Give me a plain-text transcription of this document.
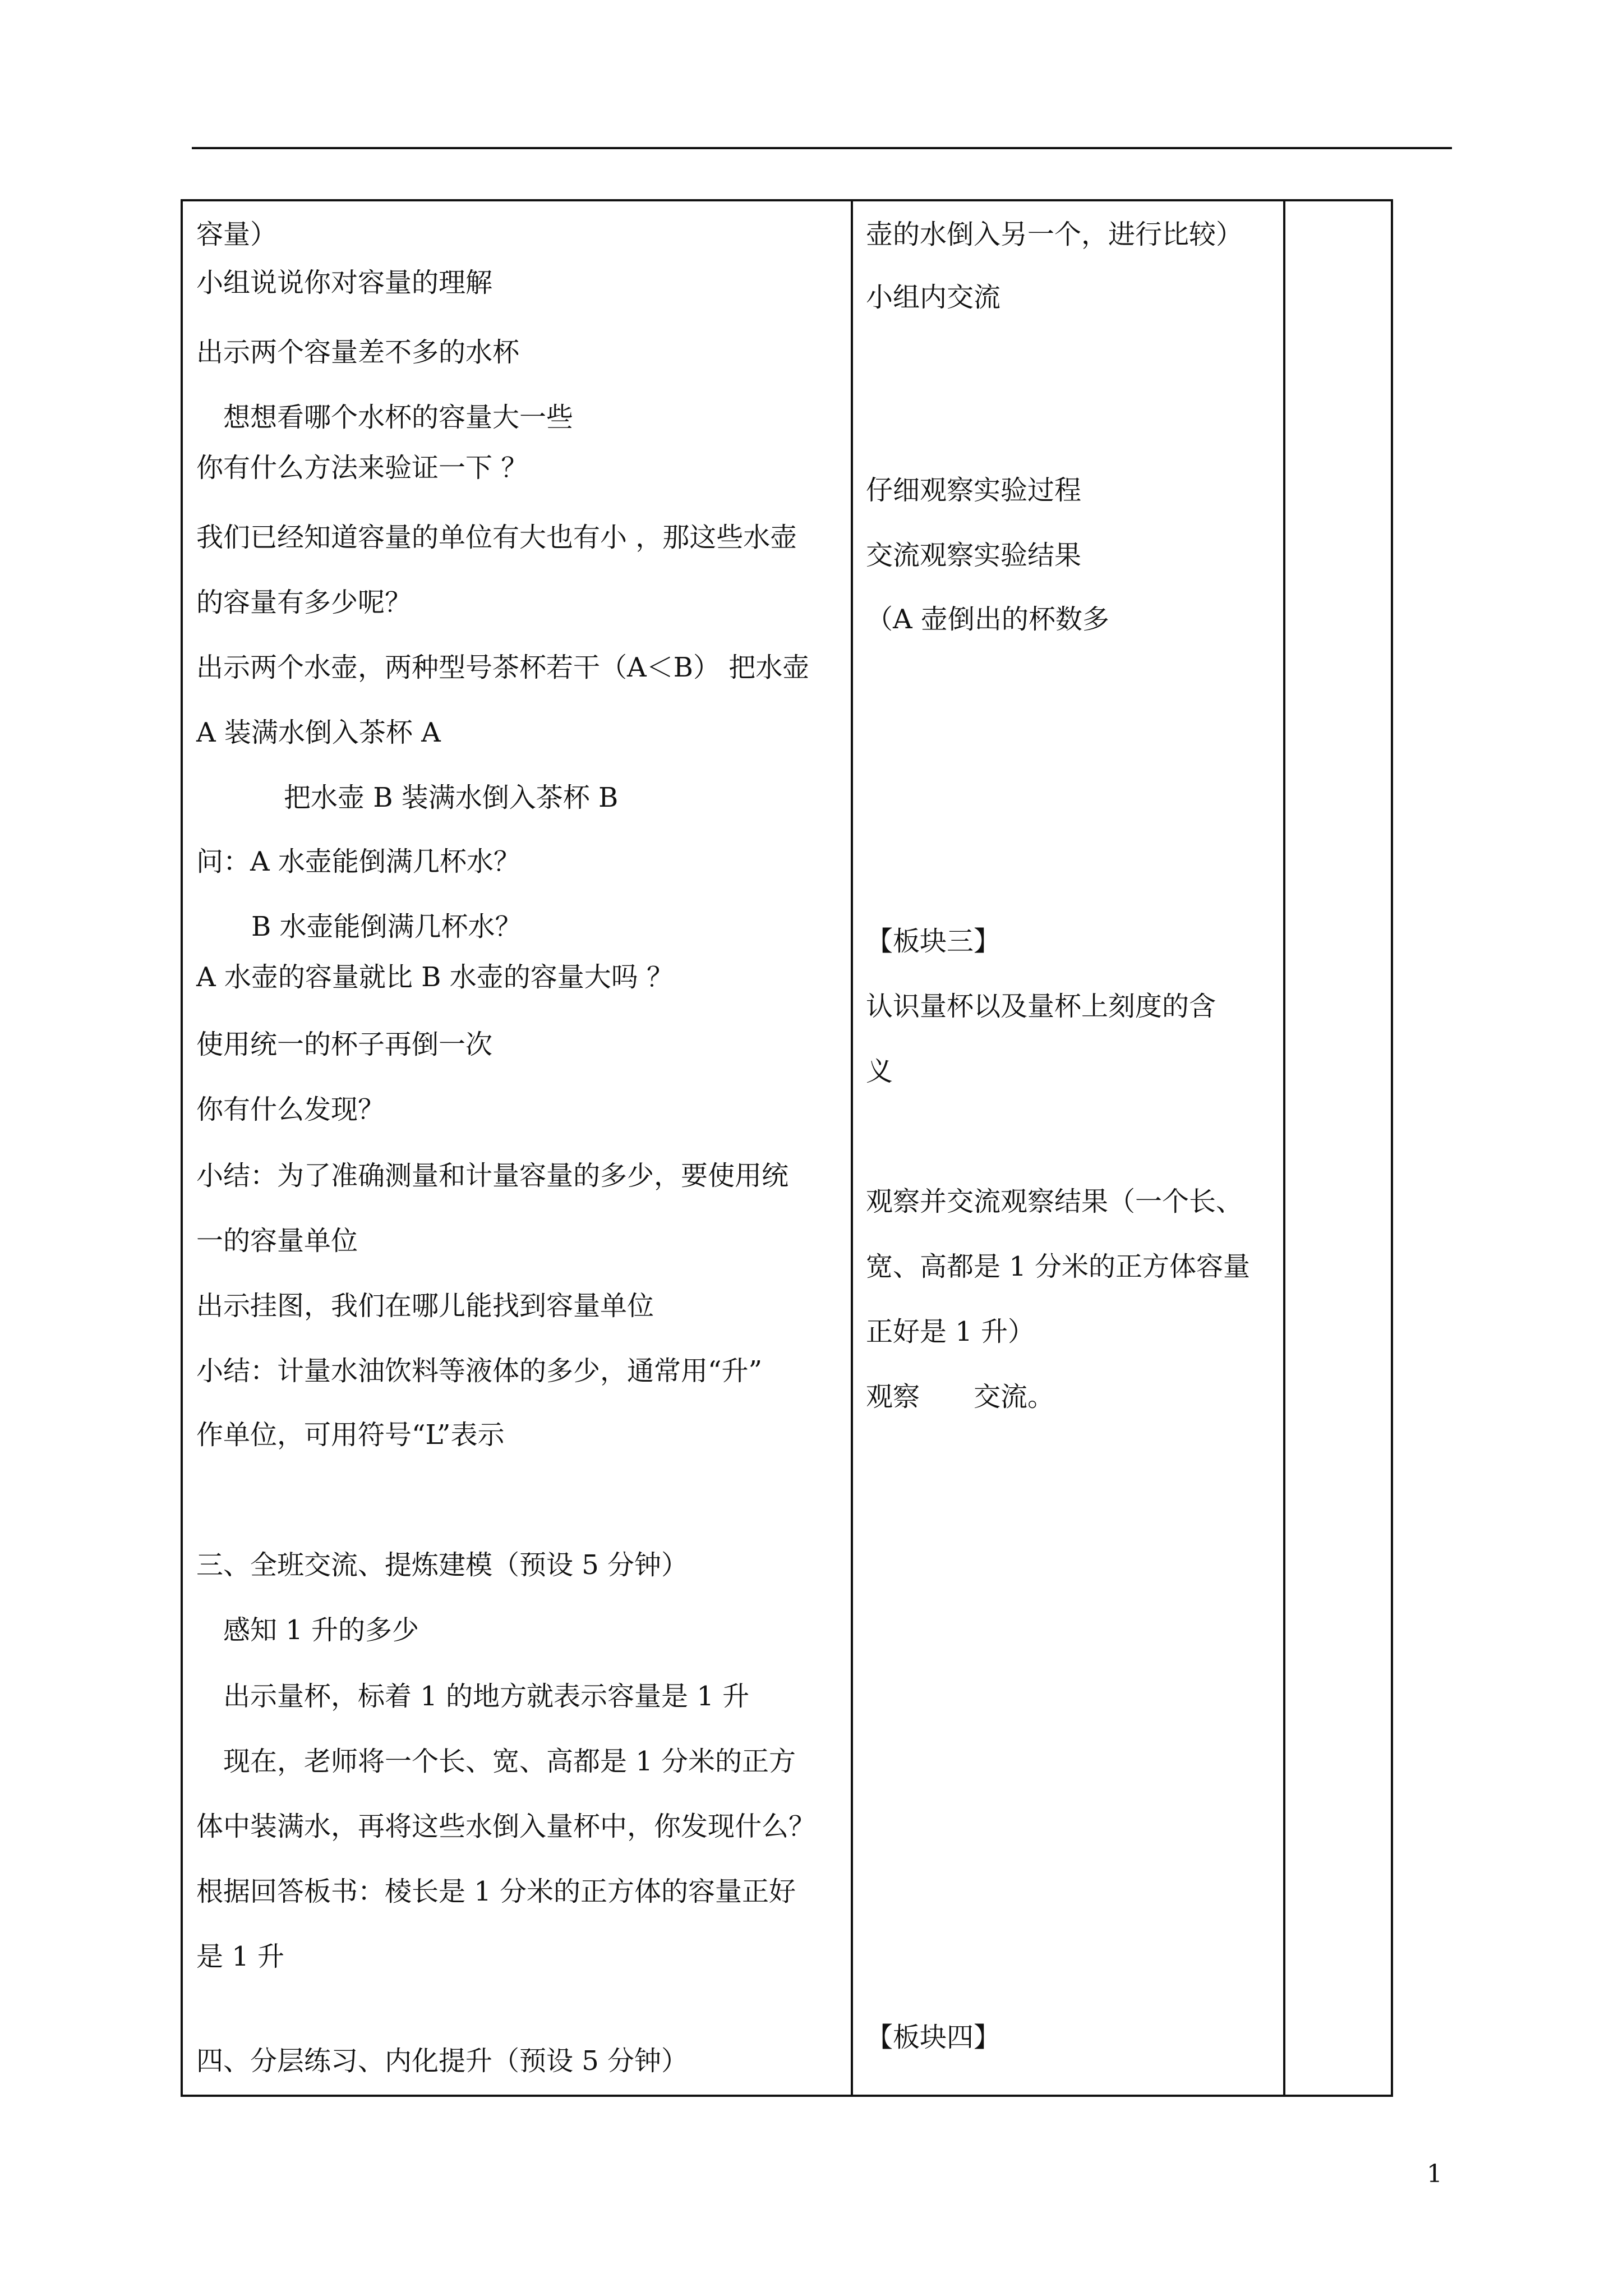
容量）
小组说说你对容量的理解
出示两个容量差不多的水杯
想想看哪个水杯的容量大一些
你有什么方法来验证一下 ？
我们已经知道容量的单位有大也有小 ，那这些水壶
的容量有多少呢？
出示两个水壶，两种型号茶杯若干（A＜B） 把水壶
A 装满水倒入茶杯 A
把水壶 B 装满水倒入茶杯 B
问：A 水壶能倒满几杯水？
B 水壶能倒满几杯水？
A 水壶的容量就比 B 水壶的容量大吗 ？
使用统一的杯子再倒一次
你有什么发现？
小结：为了准确测量和计量容量的多少，要使用统
一的容量单位
出示挂图，我们在哪儿能找到容量单位
小结：计量水油饮料等液体的多少，通常用“升”
作单位，可用符号“L”表示
三、全班交流、提炼建模（预设 5 分钟）
感知 1 升的多少
出示量杯，标着 1 的地方就表示容量是 1 升
现在，老师将一个长、宽、高都是 1 分米的正方
体中装满水，再将这些水倒入量杯中，你发现什么？
根据回答板书：棱长是 1 分米的正方体的容量正好
是 1 升
四、分层练习、内化提升（预设 5 分钟）
壶的水倒入另一个，进行比较）
小组内交流
仔细观察实验过程
交流观察实验结果
（A 壶倒出的杯数多
【板块三】
认识量杯以及量杯上刻度的含
义
观察并交流观察结果（一个长、
宽、高都是 1 分米的正方体容量
正好是 1 升）
观察　　交流。
【板块四】
1
